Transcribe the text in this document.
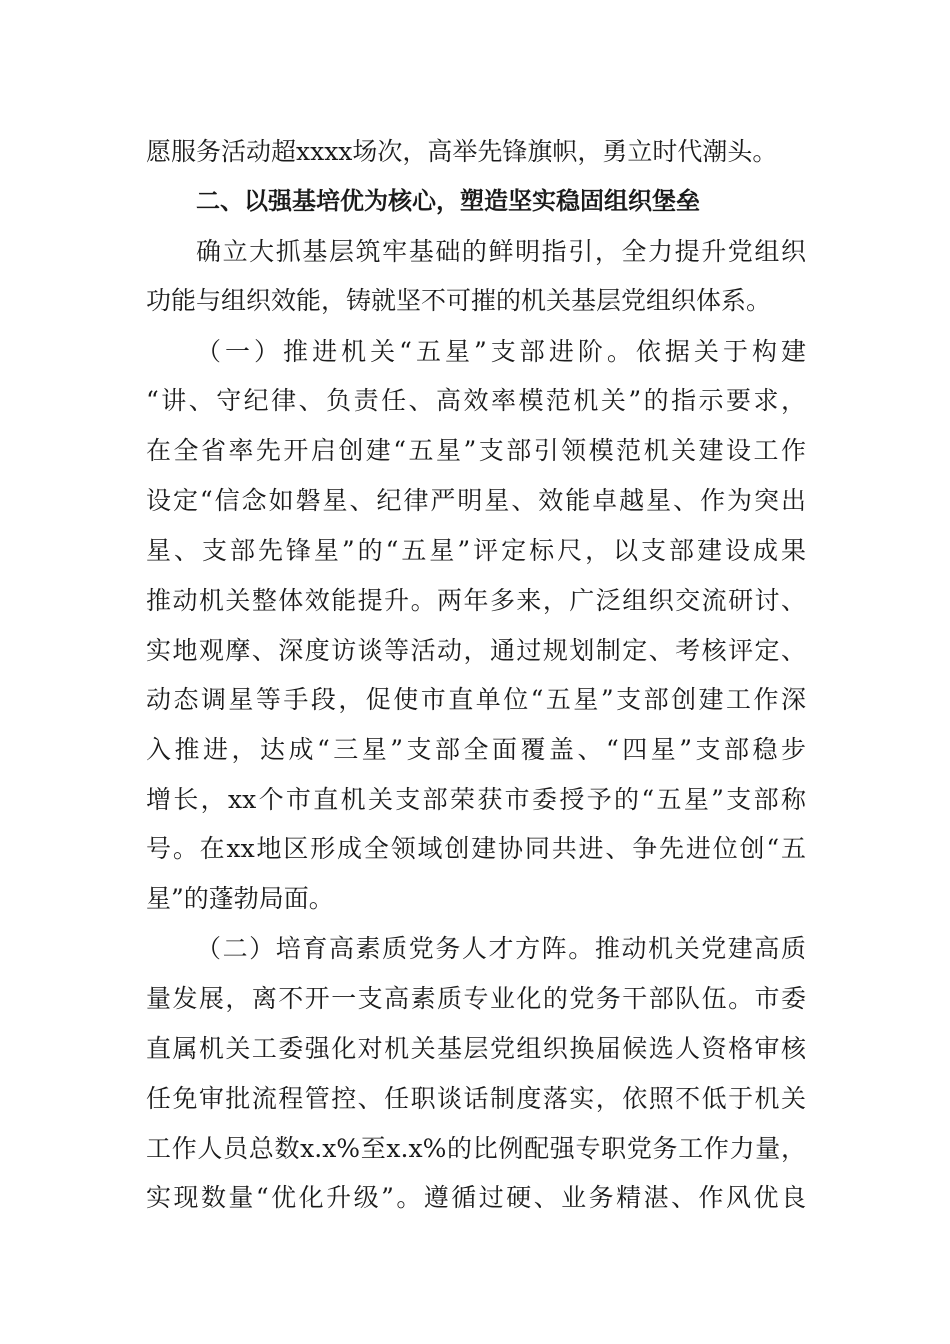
愿服务活动超xxxx场次，高举先锋旗帜，勇立时代潮头。
二、以强基培优为核心，塑造坚实稳固组织堡垒
确立大抓基层筑牢基础的鲜明指引，全力提升党组织
功能与组织效能，铸就坚不可摧的机关基层党组织体系。
（一）推进机关“五星”支部进阶。依据关于构建
“讲、守纪律、负责任、高效率模范机关”的指示要求，
在全省率先开启创建“五星”支部引领模范机关建设工作
设定“信念如磐星、纪律严明星、效能卓越星、作为突出
星、支部先锋星”的“五星”评定标尺，以支部建设成果
推动机关整体效能提升。两年多来，广泛组织交流研讨、
实地观摩、深度访谈等活动，通过规划制定、考核评定、
动态调星等手段，促使市直单位“五星”支部创建工作深
入推进，达成“三星”支部全面覆盖、“四星”支部稳步
增长，xx个市直机关支部荣获市委授予的“五星”支部称
号。在xx地区形成全领域创建协同共进、争先进位创“五
星”的蓬勃局面。
（二）培育高素质党务人才方阵。推动机关党建高质
量发展，离不开一支高素质专业化的党务干部队伍。市委
直属机关工委强化对机关基层党组织换届候选人资格审核
任免审批流程管控、任职谈话制度落实，依照不低于机关
工作人员总数x.x%至x.x%的比例配强专职党务工作力量，
实现数量“优化升级”。遵循过硬、业务精湛、作风优良
